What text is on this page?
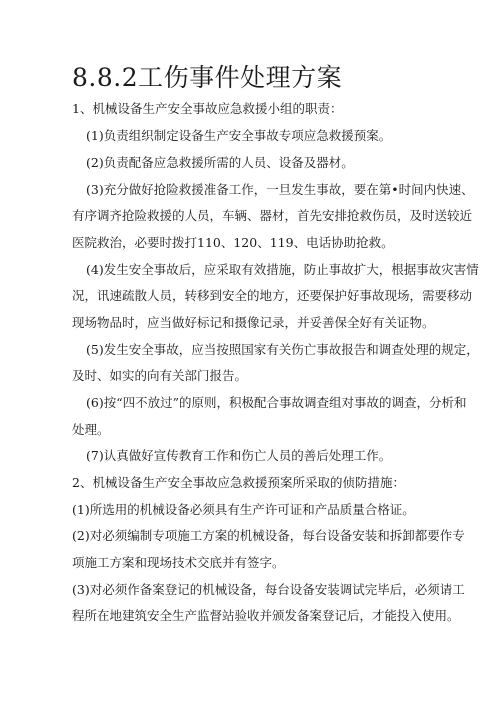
8.8.2工伤事件处理方案

1、机械设备生产安全事故应急救援小组的职责：

(1)负责组织制定设备生产安全事故专项应急救援预案。

(2)负责配备应急救援所需的人员、设备及器材。

(3)充分做好抢险救援准备工作，一旦发生事故，要在第•时间内快速、

有序调齐抢险救援的人员，车辆、器材，首先安排抢救伤员，及时送较近

医院救治，必要时拨打110、120、119、电话协助抢救。

(4)发生安全事故后，应采取有效措施，防止事故扩大，根据事故灾害情

况，讯速疏散人员，转移到安全的地方，还要保护好事故现场，需要移动

现场物品时，应当做好标记和摄像记录，并妥善保全好有关证物。

(5)发生安全事故，应当按照国家有关伤亡事故报告和调查处理的规定，

及时、如实的向有关部门报告。

(6)按“四不放过”的原则，积极配合事故调查组对事故的调查，分析和

处理。

(7)认真做好宣传教育工作和伤亡人员的善后处理工作。

2、机械设备生产安全事故应急救援预案所采取的侦防措施：

(1)所选用的机械设备必须具有生产许可证和产品质量合格证。

(2)对必须编制专项施工方案的机械设备，每台设备安装和拆卸都要作专

项施工方案和现场技术交底并有签字。

(3)对必须作备案登记的机械设备，每台设备安装调试完毕后，必须请工

程所在地建筑安全生产监督站验收并颁发备案登记后，才能投入使用。
